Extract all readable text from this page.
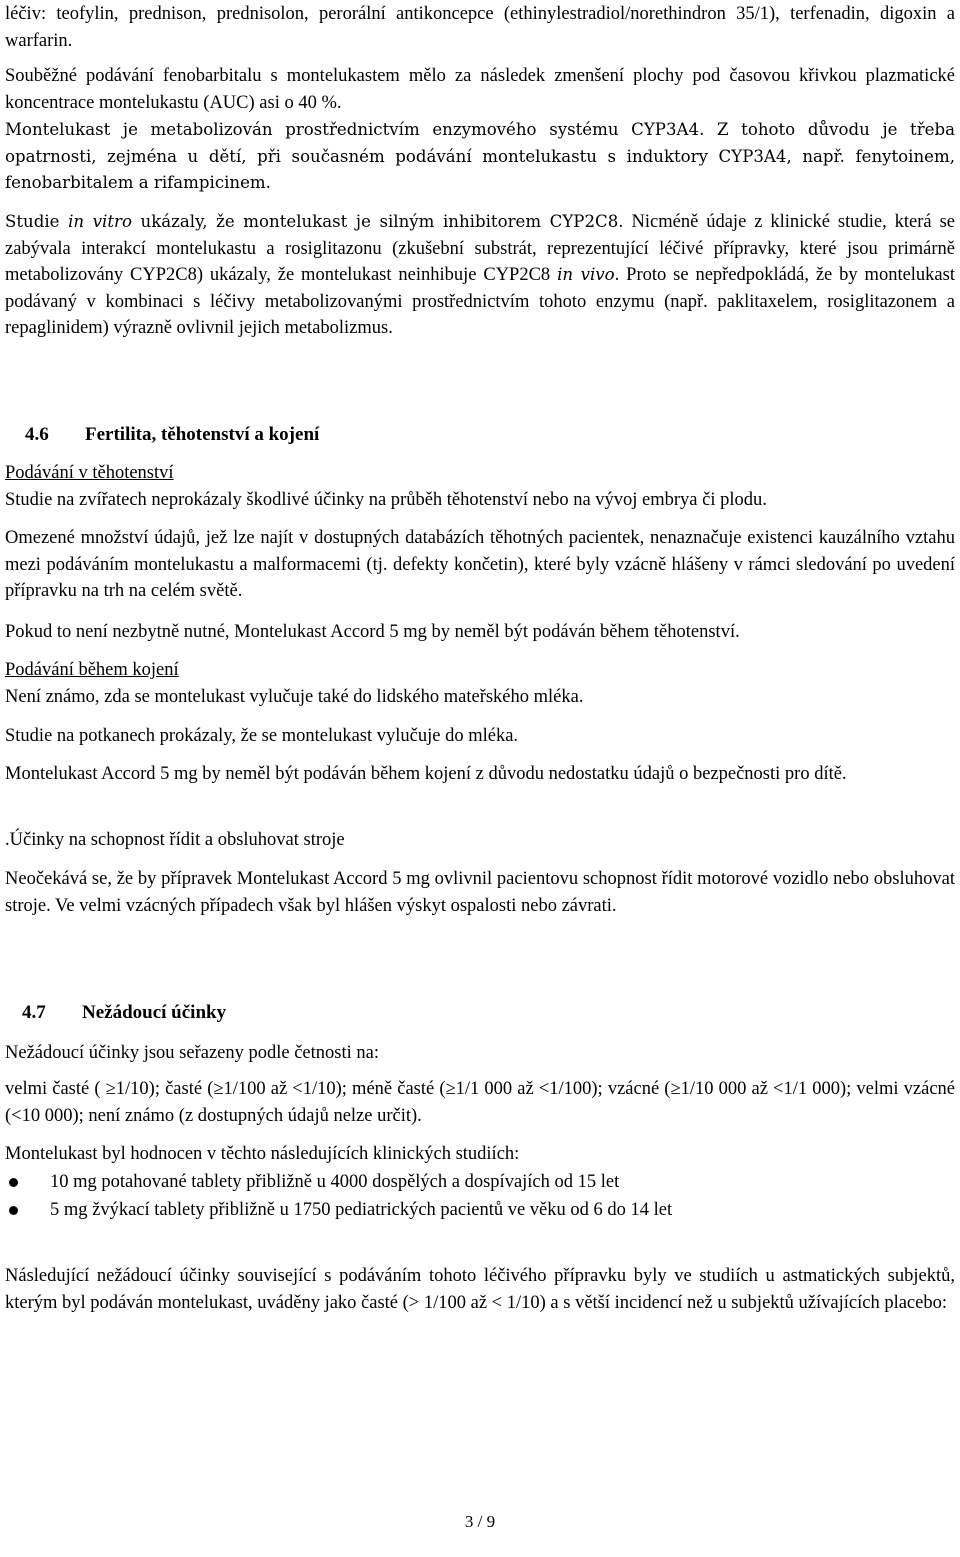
léčiv: teofylin, prednison, prednisolon, perorální antikoncepce (ethinylestradiol/norethindron 35/1), terfenadin, digoxin a warfarin.

Souběžné podávání fenobarbitalu s montelukastem mělo za následek zmenšení plochy pod časovou křivkou plazmatické koncentrace montelukastu (AUC) asi o 40 %.

Montelukast je metabolizován prostřednictvím enzymového systému CYP3A4. Z tohoto důvodu je třeba opatrnosti, zejména u dětí, při současném podávání montelukastu s induktory CYP3A4, např. fenytoinem, fenobarbitalem a rifampicinem.

Studie in vitro ukázaly, že montelukast je silným inhibitorem CYP2C8. Nicméně údaje z klinické studie, která se zabývala interakcí montelukastu a rosiglitazonu (zkušební substrát, reprezentující léčivé přípravky, které jsou primárně metabolizovány CYP2C8) ukázaly, že montelukast neinhibuje CYP2C8 in vivo. Proto se nepředpokládá, že by montelukast podávaný v kombinaci s léčivy metabolizovanými prostřednictvím tohoto enzymu (např. paklitaxelem, rosiglitazonem a repaglinidem) výrazně ovlivnil jejich metabolizmus.

4.6 Fertilita, těhotenství a kojení

Podávání v těhotenství

Studie na zvířatech neprokázaly škodlivé účinky na průběh těhotenství nebo na vývoj embrya či plodu.

Omezené množství údajů, jež lze najít v dostupných databázích těhotných pacientek, nenaznačuje existenci kauzálního vztahu mezi podáváním montelukastu a malformacemi (tj. defekty končetin), které byly vzácně hlášeny v rámci sledování po uvedení přípravku na trh na celém světě.

Pokud to není nezbytně nutné, Montelukast Accord 5 mg by neměl být podáván během těhotenství.

Podávání během kojení

Není známo, zda se montelukast vylučuje také do lidského mateřského mléka.

Studie na potkanech prokázaly, že se montelukast vylučuje do mléka.

Montelukast Accord 5 mg by neměl být podáván během kojení z důvodu nedostatku údajů o bezpečnosti pro dítě.

.Účinky na schopnost řídit a obsluhovat stroje

Neočekává se, že by přípravek Montelukast Accord 5 mg ovlivnil pacientovu schopnost řídit motorové vozidlo nebo obsluhovat stroje. Ve velmi vzácných případech však byl hlášen výskyt ospalosti nebo závrati.

4.7 Nežádoucí účinky

Nežádoucí účinky jsou seřazeny podle četnosti na:

velmi časté ( ≥1/10); časté (≥1/100 až <1/10); méně časté (≥1/1 000 až <1/100); vzácné (≥1/10 000 až <1/1 000); velmi vzácné (<10 000); není známo (z dostupných údajů nelze určit).

Montelukast byl hodnocen v těchto následujících klinických studiích:

10 mg potahované tablety přibližně u 4000 dospělých a dospívajích od 15 let
5 mg žvýkací tablety přibližně u 1750 pediatrických pacientů ve věku od 6 do 14 let

Následující nežádoucí účinky související s podáváním tohoto léčivého přípravku byly ve studiích u astmatických subjektů, kterým byl podáván montelukast, uváděny jako časté (> 1/100 až < 1/10) a s větší incidencí než u subjektů užívajících placebo:

3 / 9
